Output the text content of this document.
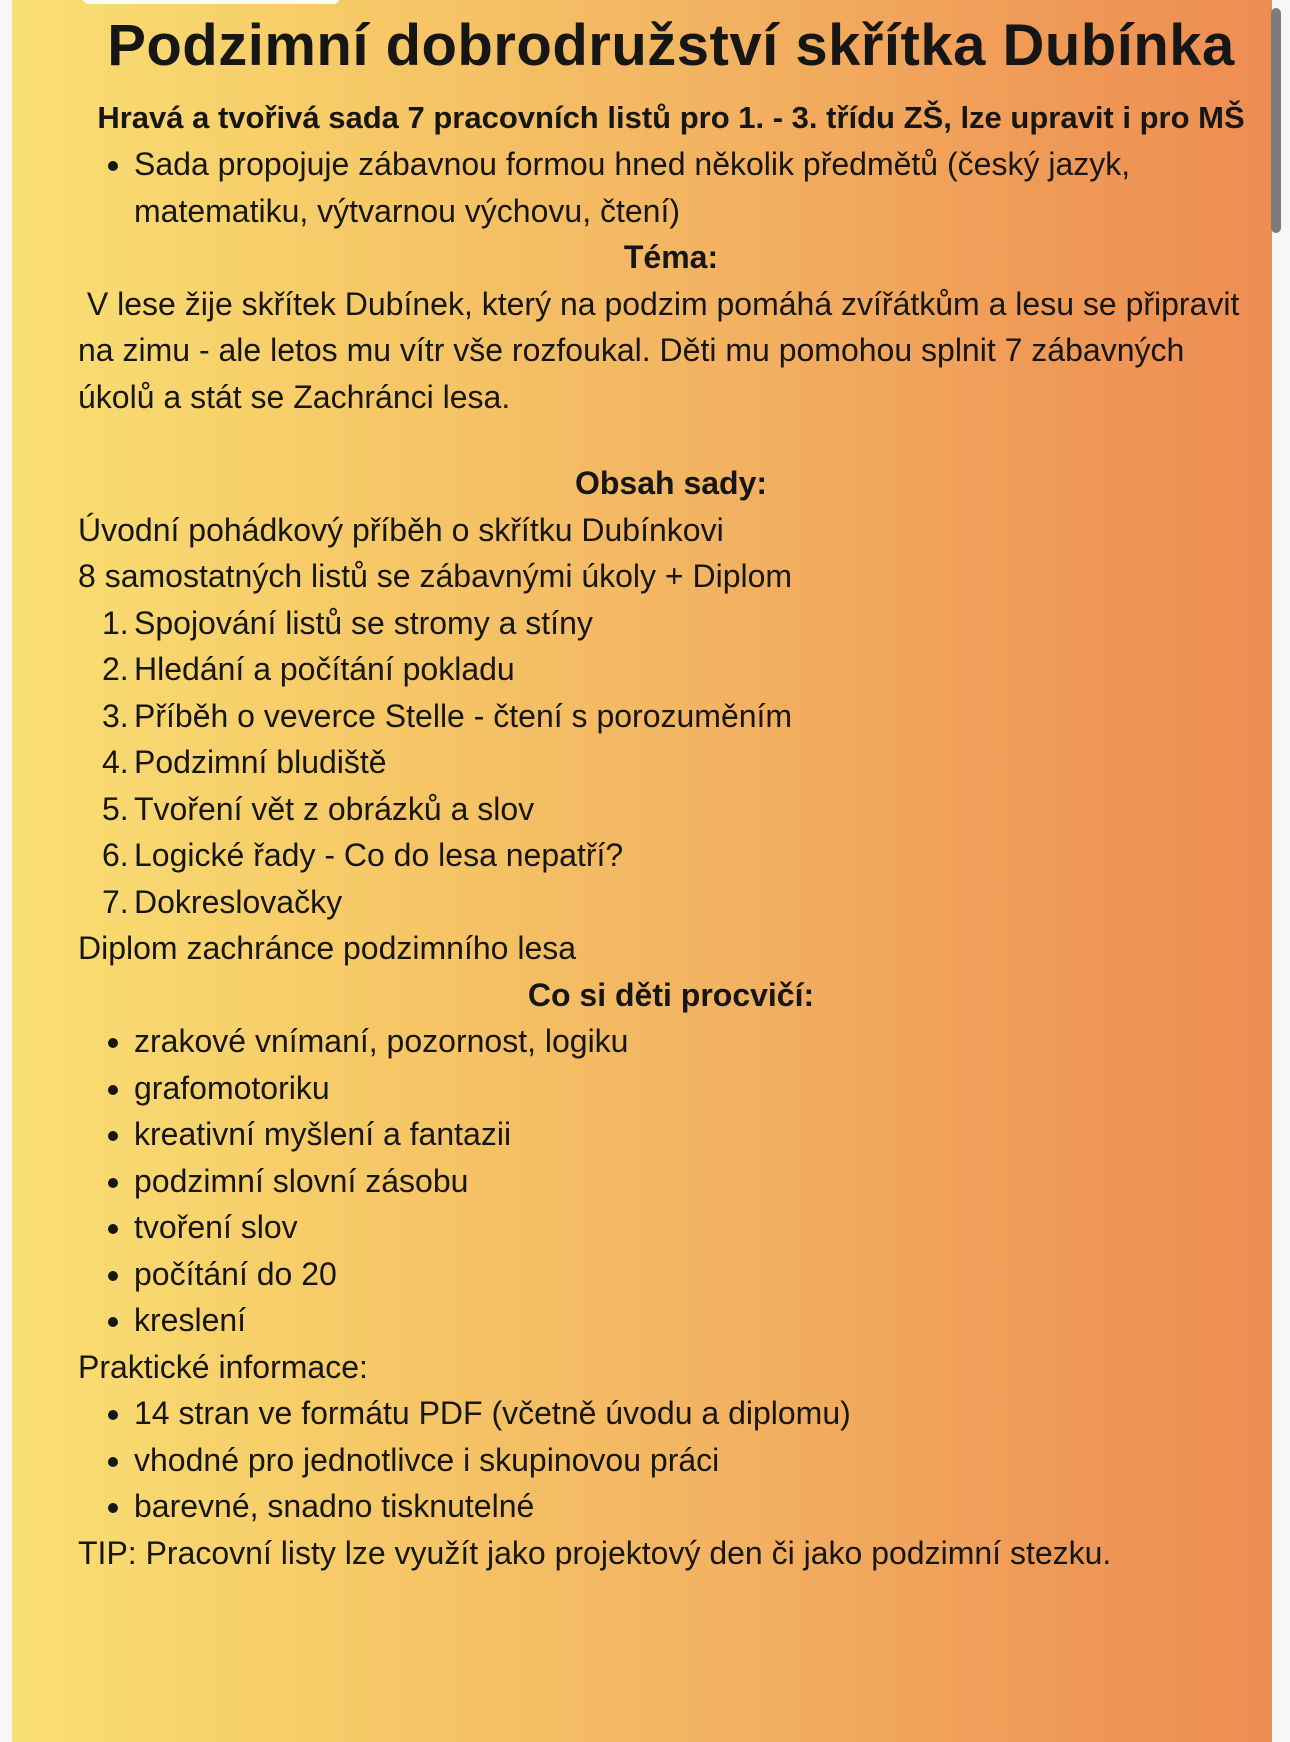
Podzimní dobrodružství skřítka Dubínka
Hravá a tvořivá sada 7 pracovních listů pro 1. - 3. třídu ZŠ, lze upravit i pro MŠ
• Sada propojuje zábavnou formou hned několik předmětů (český jazyk, matematiku, výtvarnou výchovu, čtení)

Téma:

V lese žije skřítek Dubínek, který na podzim pomáhá zvířátkům a lesu se připravit na zimu - ale letos mu vítr vše rozfoukal. Děti mu pomohou splnit 7 zábavných úkolů a stát se Zachránci lesa.

Obsah sady:

Úvodní pohádkový příběh o skřítku Dubínkovi

8 samostatných listů se zábavnými úkoly + Diplom

1. Spojování listů se stromy a stíny
2. Hledání a počítání pokladu
3. Příběh o veverce Stelle - čtení s porozuměním
4. Podzimní bludiště
5. Tvoření vět z obrázků a slov
6. Logické řady - Co do lesa nepatří?
7. Dokreslovačky

Diplom zachránce podzimního lesa

Co si děti procvičí:

• zrakové vnímaní, pozornost, logiku
• grafomotoriku
• kreativní myšlení a fantazii
• podzimní slovní zásobu
• tvoření slov
• počítání do 20
• kreslení

Praktické informace:

• 14 stran ve formátu PDF (včetně úvodu a diplomu)
• vhodné pro jednotlivce i skupinovou práci
• barevné, snadno tisknutelné

TIP: Pracovní listy lze využít jako projektový den či jako podzimní stezku.
